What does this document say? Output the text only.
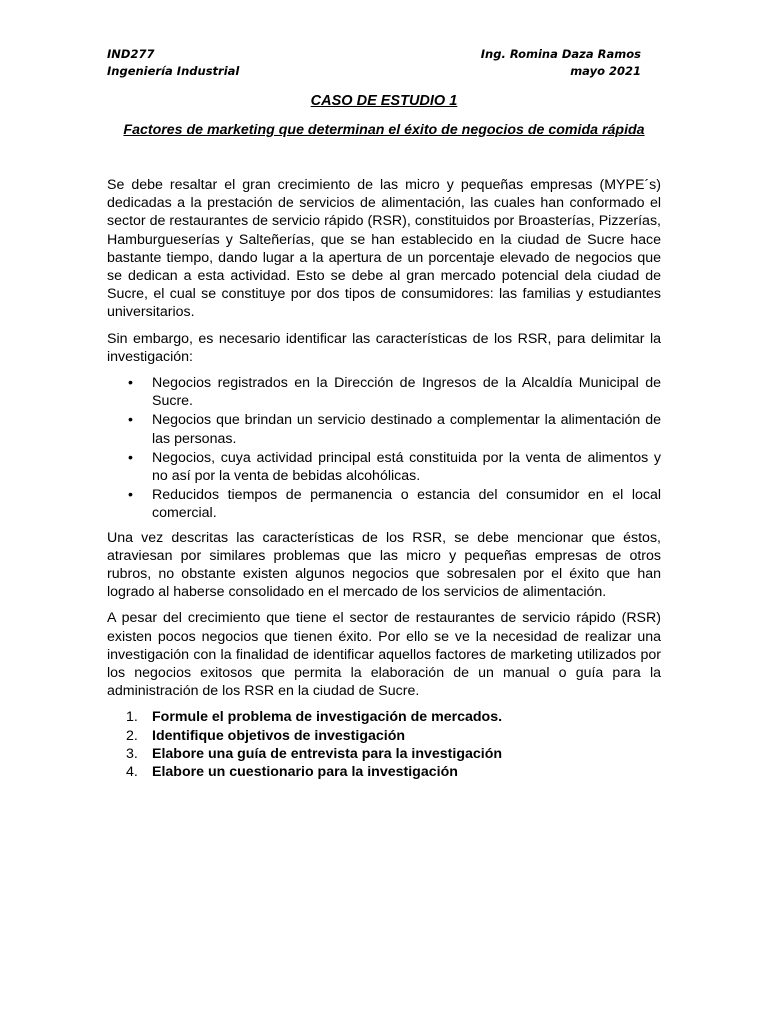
IND277
Ingeniería Industrial
Ing. Romina Daza Ramos
mayo 2021
CASO DE ESTUDIO 1
Factores de marketing que determinan el éxito de negocios de comida rápida

Se debe resaltar el gran crecimiento de las micro y pequeñas empresas (MYPE´s) dedicadas a la prestación de servicios de alimentación, las cuales han conformado el sector de restaurantes de servicio rápido (RSR), constituidos por Broasterías, Pizzerías, Hamburgueserías y Salteñerías, que se han establecido en la ciudad de Sucre hace bastante tiempo, dando lugar a la apertura de un porcentaje elevado de negocios que se dedican a esta actividad. Esto se debe al gran mercado potencial dela ciudad de Sucre, el cual se constituye por dos tipos de consumidores: las familias y estudiantes universitarios.

Sin embargo, es necesario identificar las características de los RSR, para delimitar la investigación:

• Negocios registrados en la Dirección de Ingresos de la Alcaldía Municipal de Sucre.
• Negocios que brindan un servicio destinado a complementar la alimentación de las personas.
• Negocios, cuya actividad principal está constituida por la venta de alimentos y no así por la venta de bebidas alcohólicas.
• Reducidos tiempos de permanencia o estancia del consumidor en el local comercial.

Una vez descritas las características de los RSR, se debe mencionar que éstos, atraviesan por similares problemas que las micro y pequeñas empresas de otros rubros, no obstante existen algunos negocios que sobresalen por el éxito que han logrado al haberse consolidado en el mercado de los servicios de alimentación.

A pesar del crecimiento que tiene el sector de restaurantes de servicio rápido (RSR) existen pocos negocios que tienen éxito. Por ello se ve la necesidad de realizar una investigación con la finalidad de identificar aquellos factores de marketing utilizados por los negocios exitosos que permita la elaboración de un manual o guía para la administración de los RSR en la ciudad de Sucre.

1. Formule el problema de investigación de mercados.
2. Identifique objetivos de investigación
3. Elabore una guía de entrevista para la investigación
4. Elabore un cuestionario para la investigación
